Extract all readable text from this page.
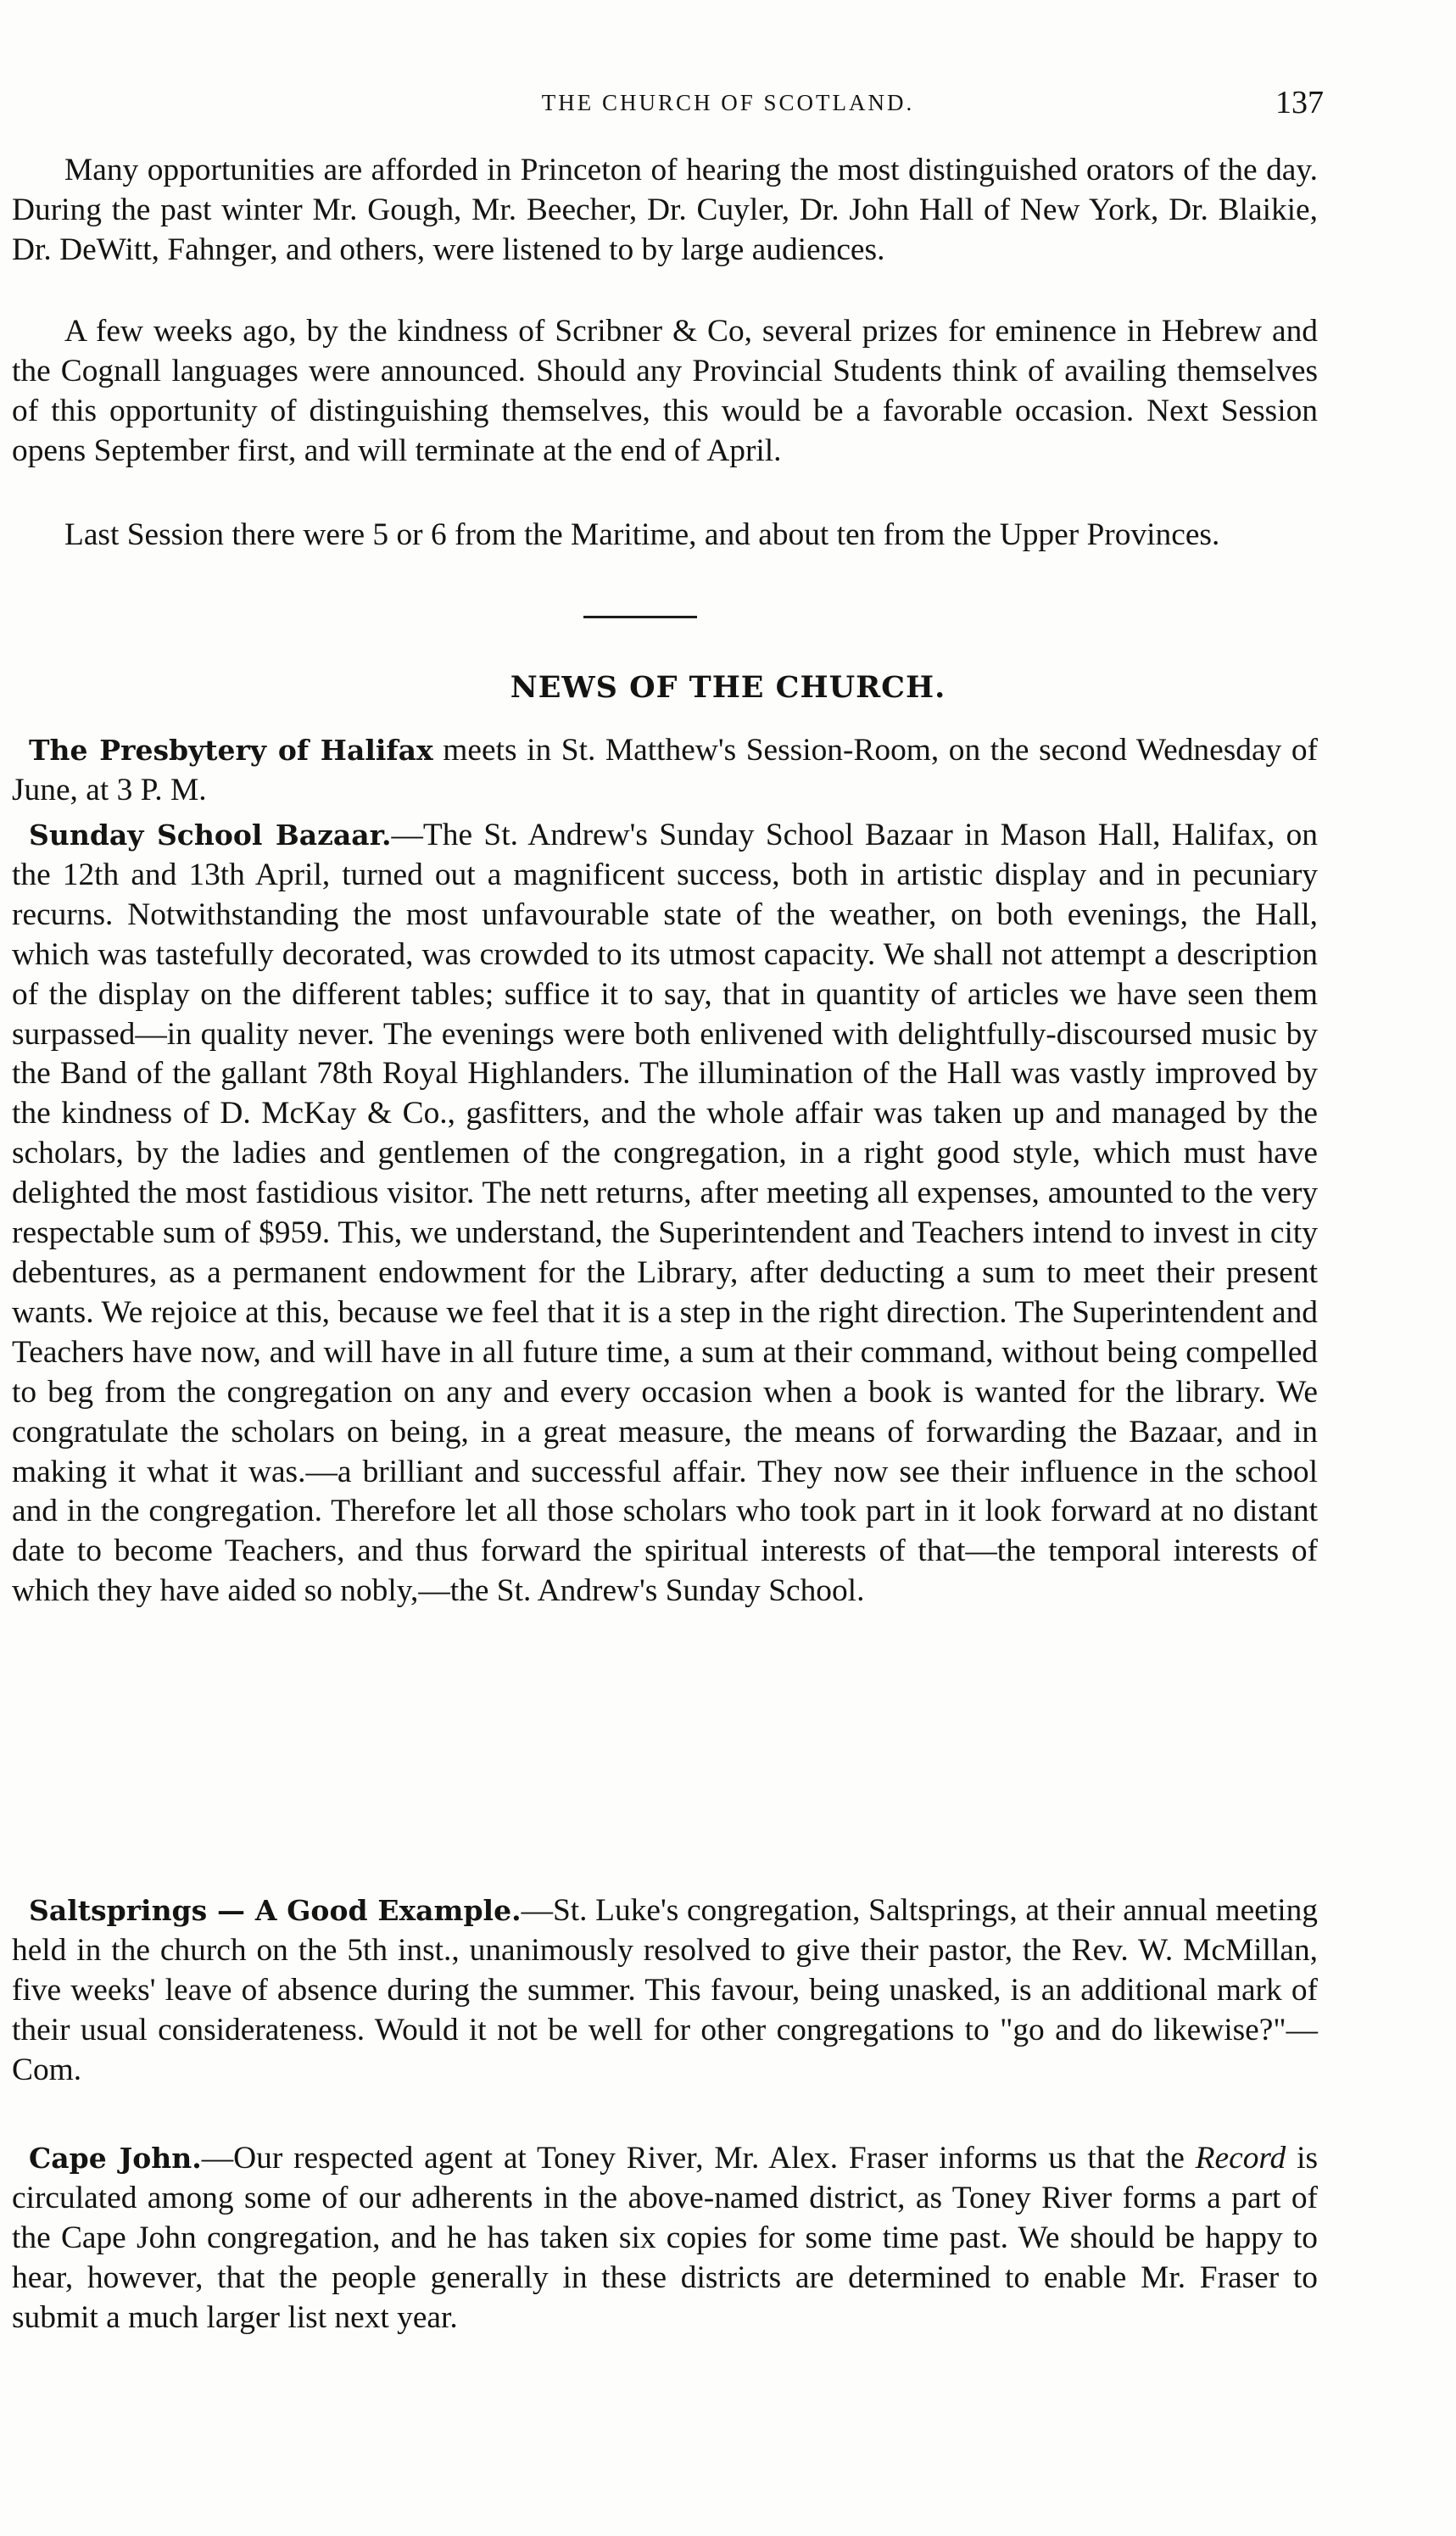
THE CHURCH OF SCOTLAND.	137

Many opportunities are afforded in Princeton of hearing the most distinguished orators of the day. During the past winter Mr. Gough, Mr. Beecher, Dr. Cuyler, Dr. John Hall of New York, Dr. Blaikie, Dr. DeWitt, Fahnger, and others, were listened to by large audiences.

A few weeks ago, by the kindness of Scribner & Co, several prizes for eminence in Hebrew and the Cognall languages were announced. Should any Provincial Students think of availing themselves of this opportunity of distinguishing themselves, this would be a favorable occasion. Next Session opens September first, and will terminate at the end of April.

Last Session there were 5 or 6 from the Maritime, and about ten from the Upper Provinces.

NEWS OF THE CHURCH.

The Presbytery of Halifax meets in St. Matthew's Session-Room, on the second Wednesday of June, at 3 P. M.

Sunday School Bazaar.—The St. Andrew's Sunday School Bazaar in Mason Hall, Halifax, on the 12th and 13th April, turned out a magnificent success, both in artistic display and in pecuniary recurns. Notwithstanding the most unfavourable state of the weather, on both evenings, the Hall, which was tastefully decorated, was crowded to its utmost capacity. We shall not attempt a description of the display on the different tables; suffice it to say, that in quantity of articles we have seen them surpassed—in quality never. The evenings were both enlivened with delightfully-discoursed music by the Band of the gallant 78th Royal Highlanders. The illumination of the Hall was vastly improved by the kindness of D. McKay & Co., gasfitters, and the whole affair was taken up and managed by the scholars, by the ladies and gentlemen of the congregation, in a right good style, which must have delighted the most fastidious visitor. The nett returns, after meeting all expenses, amounted to the very respectable sum of $959. This, we understand, the Superintendent and Teachers intend to invest in city debentures, as a permanent endowment for the Library, after deducting a sum to meet their present wants. We rejoice at this, because we feel that it is a step in the right direction. The Superintendent and Teachers have now, and will have in all future time, a sum at their command, without being compelled to beg from the congregation on any and every occasion when a book is wanted for the library. We congratulate the scholars on being, in a great measure, the means of forwarding the Bazaar, and in making it what it was.—a brilliant and successful affair. They now see their influence in the school and in the congregation. Therefore let all those scholars who took part in it look forward at no distant date to become Teachers, and thus forward the spiritual interests of that—the temporal interests of which they have aided so nobly,—the St. Andrew's Sunday School.

Saltsprings — A Good Example.—St. Luke's congregation, Saltsprings, at their annual meeting held in the church on the 5th inst., unanimously resolved to give their pastor, the Rev. W. McMillan, five weeks' leave of absence during the summer. This favour, being unasked, is an additional mark of their usual considerateness. Would it not be well for other congregations to "go and do likewise?"—Com.

Cape John.—Our respected agent at Toney River, Mr. Alex. Fraser informs us that the Record is circulated among some of our adherents in the above-named district, as Toney River forms a part of the Cape John congregation, and he has taken six copies for some time past. We should be happy to hear, however, that the people generally in these districts are determined to enable Mr. Fraser to submit a much larger list next year.
